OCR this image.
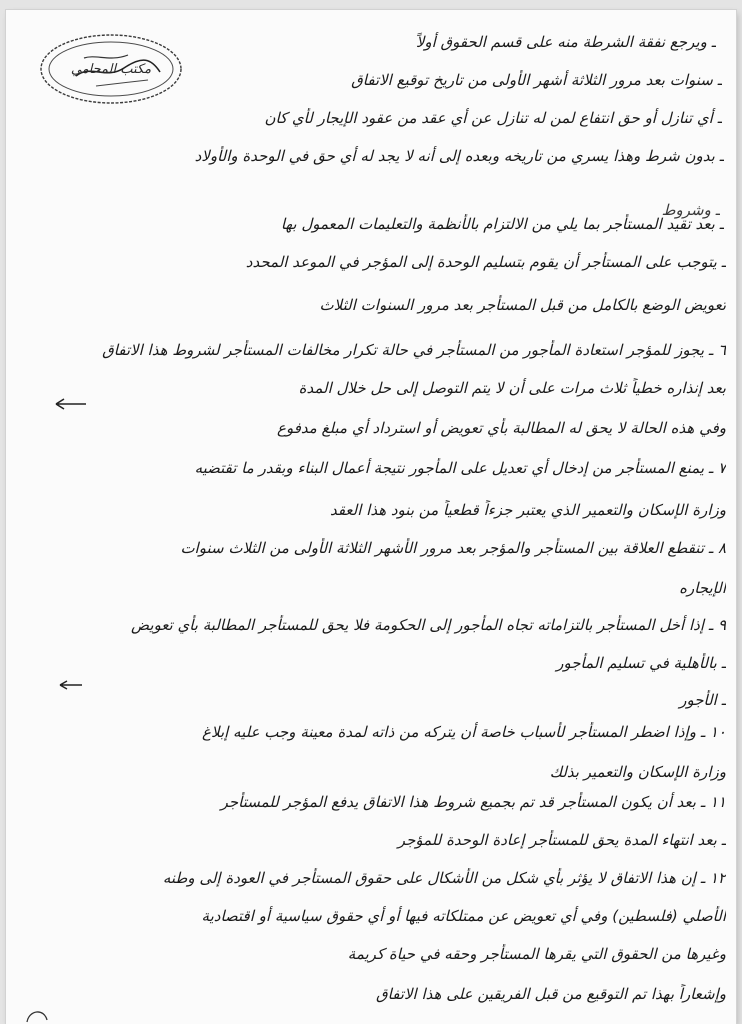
مكتب المحامي
ـ ويرجع نفقة الشرطة منه على قسم الحقوق أولاً
ـ سنوات بعد مرور الثلاثة أشهر الأولى من تاريخ توقيع الاتفاق
ـ أي تنازل أو حق انتفاع لمن له تنازل عن أي عقد من عقود الإيجار لأي كان
ـ بدون شرط وهذا يسري من تاريخه وبعده إلى أنه لا يجد له أي حق في الوحدة والأولاد
ـ وشروط
ـ بعد تقيد المستأجر بما يلي من الالتزام بالأنظمة والتعليمات المعمول بها
ـ يتوجب على المستأجر أن يقوم بتسليم الوحدة إلى المؤجر في الموعد المحدد
تعويض الوضع بالكامل من قبل المستأجر بعد مرور السنوات الثلاث
٦ ـ يجوز للمؤجر استعادة المأجور من المستأجر في حالة تكرار مخالفات المستأجر لشروط هذا الاتفاق
بعد إنذاره خطياً ثلاث مرات على أن لا يتم التوصل إلى حل خلال المدة
وفي هذه الحالة لا يحق له المطالبة بأي تعويض أو استرداد أي مبلغ مدفوع
٧ ـ يمنع المستأجر من إدخال أي تعديل على المأجور نتيجة أعمال البناء وبقدر ما تقتضيه
وزارة الإسكان والتعمير الذي يعتبر جزءاً قطعياً من بنود هذا العقد
٨ ـ تنقطع العلاقة بين المستأجر والمؤجر بعد مرور الأشهر الثلاثة الأولى من الثلاث سنوات
الإيجاره
٩ ـ إذا أخل المستأجر بالتزاماته تجاه المأجور إلى الحكومة فلا يحق للمستأجر المطالبة بأي تعويض
ـ بالأهلية في تسليم المأجور
ـ الأجور
١٠ ـ وإذا اضطر المستأجر لأسباب خاصة أن يتركه من ذاته لمدة معينة وجب عليه إبلاغ
وزارة الإسكان والتعمير بذلك
١١ ـ بعد أن يكون المستأجر قد تم بجميع شروط هذا الاتفاق يدفع المؤجر للمستأجر
ـ بعد انتهاء المدة يحق للمستأجر إعادة الوحدة للمؤجر
١٢ ـ إن هذا الاتفاق لا يؤثر بأي شكل من الأشكال على حقوق المستأجر في العودة إلى وطنه
الأصلي (فلسطين) وفي أي تعويض عن ممتلكاته فيها أو أي حقوق سياسية أو اقتصادية
وغيرها من الحقوق التي يقرها المستأجر وحقه في حياة كريمة
وإشعاراً بهذا تم التوقيع من قبل الفريقين على هذا الاتفاق
